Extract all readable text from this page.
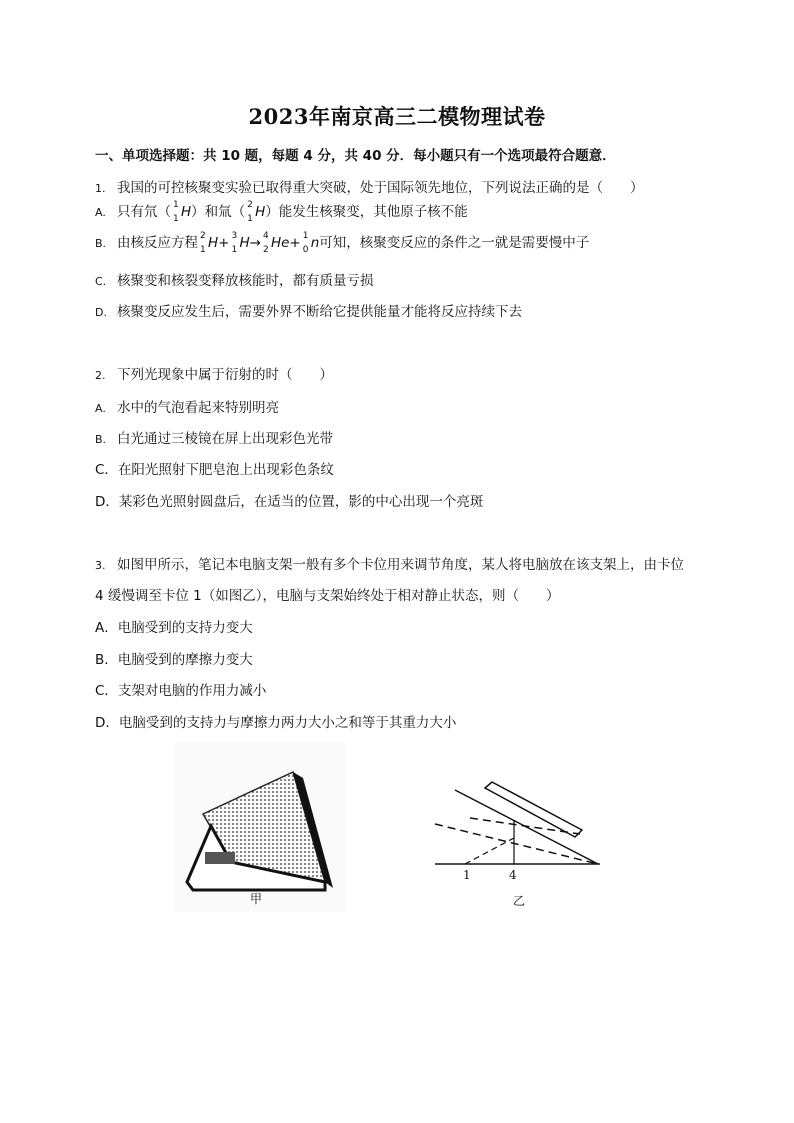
2023年南京高三二模物理试卷
一、单项选择题：共 10 题，每题 4 分，共 40 分．每小题只有一个选项最符合题意．
1. 我国的可控核聚变实验已取得重大突破，处于国际领先地位，下列说法正确的是（　　）
A. 只有氘（ 1
1 H）和氚（ 2
1 H）能发生核聚变，其他原子核不能
B. 由核反应方程 2
1 H+ 3
1 H→ 4
2 He+ 1
0 n可知，核聚变反应的条件之一就是需要慢中子
C. 核聚变和核裂变释放核能时，都有质量亏损
D. 核聚变反应发生后，需要外界不断给它提供能量才能将反应持续下去
2. 下列光现象中属于衍射的时（　　）
A. 水中的气泡看起来特别明亮
B. 白光通过三棱镜在屏上出现彩色光带
C．在阳光照射下肥皂泡上出现彩色条纹
D．某彩色光照射圆盘后，在适当的位置，影的中心出现一个亮斑
3. 如图甲所示，笔记本电脑支架一般有多个卡位用来调节角度，某人将电脑放在该支架上，由卡位
4 缓慢调至卡位 1（如图乙），电脑与支架始终处于相对静止状态，则（　　）
A．电脑受到的支持力变大
B．电脑受到的摩擦力变大
C．支架对电脑的作用力减小
D．电脑受到的支持力与摩擦力两力大小之和等于其重力大小
甲
1	4
乙
